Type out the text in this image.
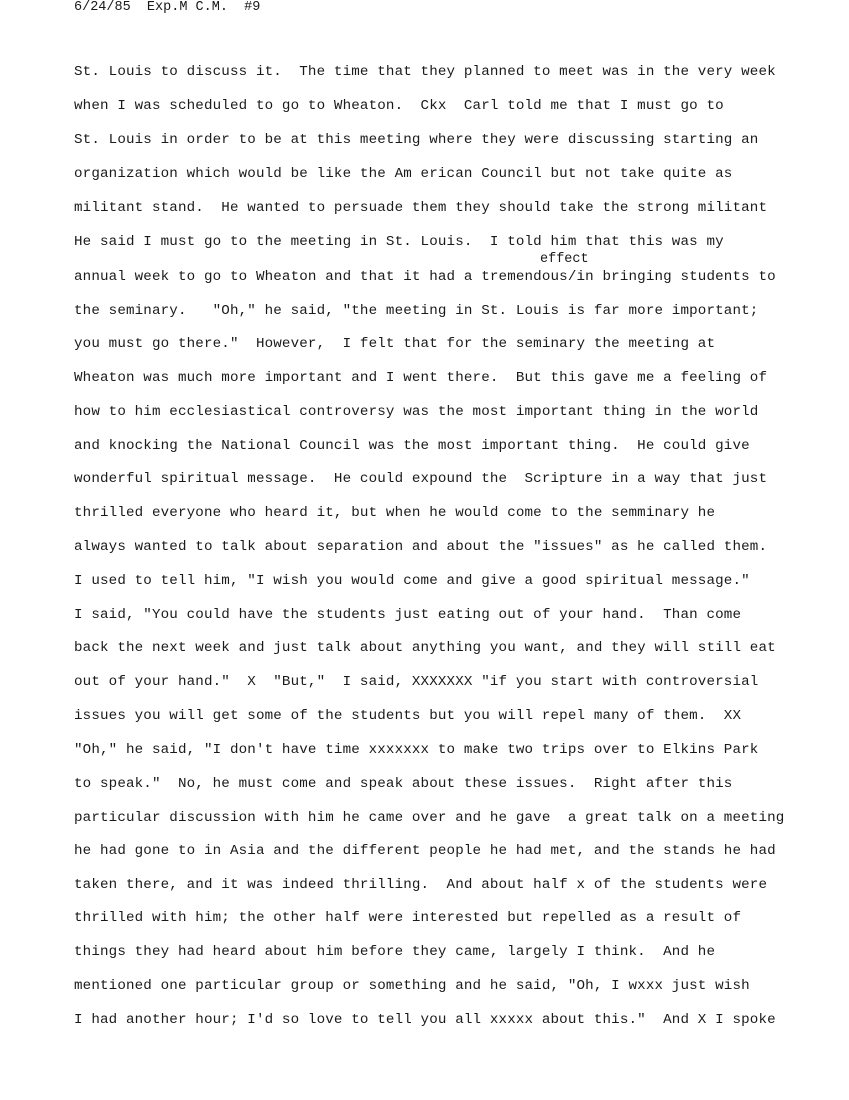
6/24/85  Exp.M C.M.  #9
effect
St. Louis to discuss it.  The time that they planned to meet was in the very week
when I was scheduled to go to Wheaton.  Ckx  Carl told me that I must go to
St. Louis in order to be at this meeting where they were discussing starting an
organization which would be like the Am erican Council but not take quite as
militant stand.  He wanted to persuade them they should take the strong militant
He said I must go to the meeting in St. Louis.  I told him that this was my
annual week to go to Wheaton and that it had a tremendous/in bringing students to
the seminary.   "Oh," he said, "the meeting in St. Louis is far more important;
you must go there."  However,  I felt that for the seminary the meeting at
Wheaton was much more important and I went there.  But this gave me a feeling of
how to him ecclesiastical controversy was the most important thing in the world
and knocking the National Council was the most important thing.  He could give
wonderful spiritual message.  He could expound the  Scripture in a way that just
thrilled everyone who heard it, but when he would come to the semminary he
always wanted to talk about separation and about the "issues" as he called them.
I used to tell him, "I wish you would come and give a good spiritual message."
I said, "You could have the students just eating out of your hand.  Than come
back the next week and just talk about anything you want, and they will still eat
out of your hand."  X  "But,"  I said, XXXXXXX "if you start with controversial
issues you will get some of the students but you will repel many of them.  XX
"Oh," he said, "I don't have time xxxxxxx to make two trips over to Elkins Park
to speak."  No, he must come and speak about these issues.  Right after this
particular discussion with him he came over and he gave  a great talk on a meeting
he had gone to in Asia and the different people he had met, and the stands he had
taken there, and it was indeed thrilling.  And about half x of the students were
thrilled with him; the other half were interested but repelled as a result of
things they had heard about him before they came, largely I think.  And he
mentioned one particular group or something and he said, "Oh, I wxxx just wish
I had another hour; I'd so love to tell you all xxxxx about this."  And X I spoke
